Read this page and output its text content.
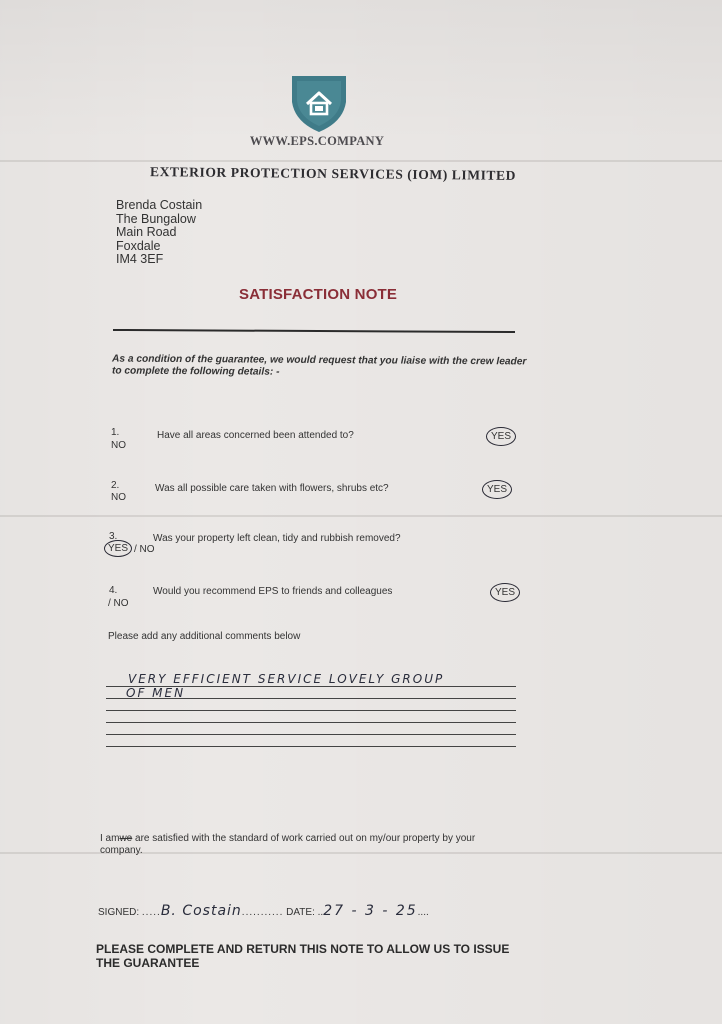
WWW.EPS.COMPANY
EXTERIOR PROTECTION SERVICES (IOM) LIMITED
Brenda Costain
The Bungalow
Main Road
Foxdale
IM4 3EF
SATISFACTION NOTE
As a condition of the guarantee, we would request that you liaise with the crew leader
to complete the following details: -
1.	Have all areas concerned been attended to?
NO
YES
2.	Was all possible care taken with flowers, shrubs etc?
NO
YES
3.	Was your property left clean, tidy and rubbish removed?
YES / NO
4.	Would you recommend EPS to friends and colleagues
/ NO
YES
Please add any additional comments below
VERY EFFICIENT SERVICE LOVELY GROUP
OF MEN
I amwe are satisfied with the standard of work carried out on my/our property by your
company.
SIGNED: .....B. Costain........... DATE: ..27 - 3 - 25....
PLEASE COMPLETE AND RETURN THIS NOTE TO ALLOW US TO ISSUE
THE GUARANTEE
